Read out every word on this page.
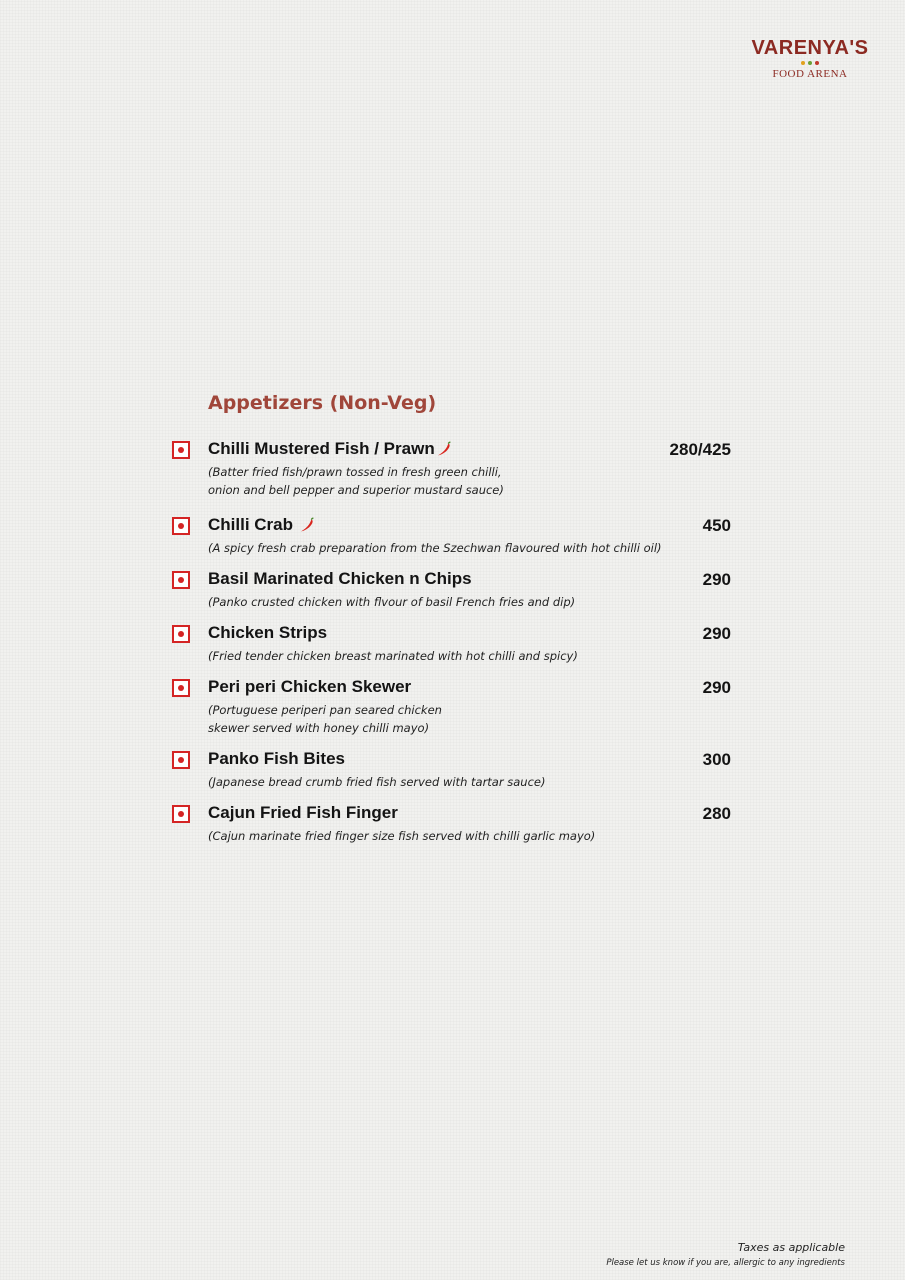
VARENYA'S
FOOD ARENA
Appetizers (Non-Veg)
Chilli Mustered Fish / Prawn	280/425
(Batter fried fish/prawn tossed in fresh green chilli,
onion and bell pepper and superior mustard sauce)
Chilli Crab	450
(A spicy fresh crab preparation from the Szechwan flavoured with hot chilli oil)
Basil Marinated Chicken n Chips	290
(Panko crusted chicken with flvour of basil French fries and dip)
Chicken Strips	290
(Fried tender chicken breast marinated with hot chilli and spicy)
Peri peri Chicken Skewer	290
(Portuguese periperi pan seared chicken
skewer served with honey chilli mayo)
Panko Fish Bites	300
(Japanese bread crumb fried fish served with tartar sauce)
Cajun Fried Fish Finger	280
(Cajun marinate fried finger size fish served with chilli garlic mayo)
Taxes as applicable
Please let us know if you are, allergic to any ingredients
